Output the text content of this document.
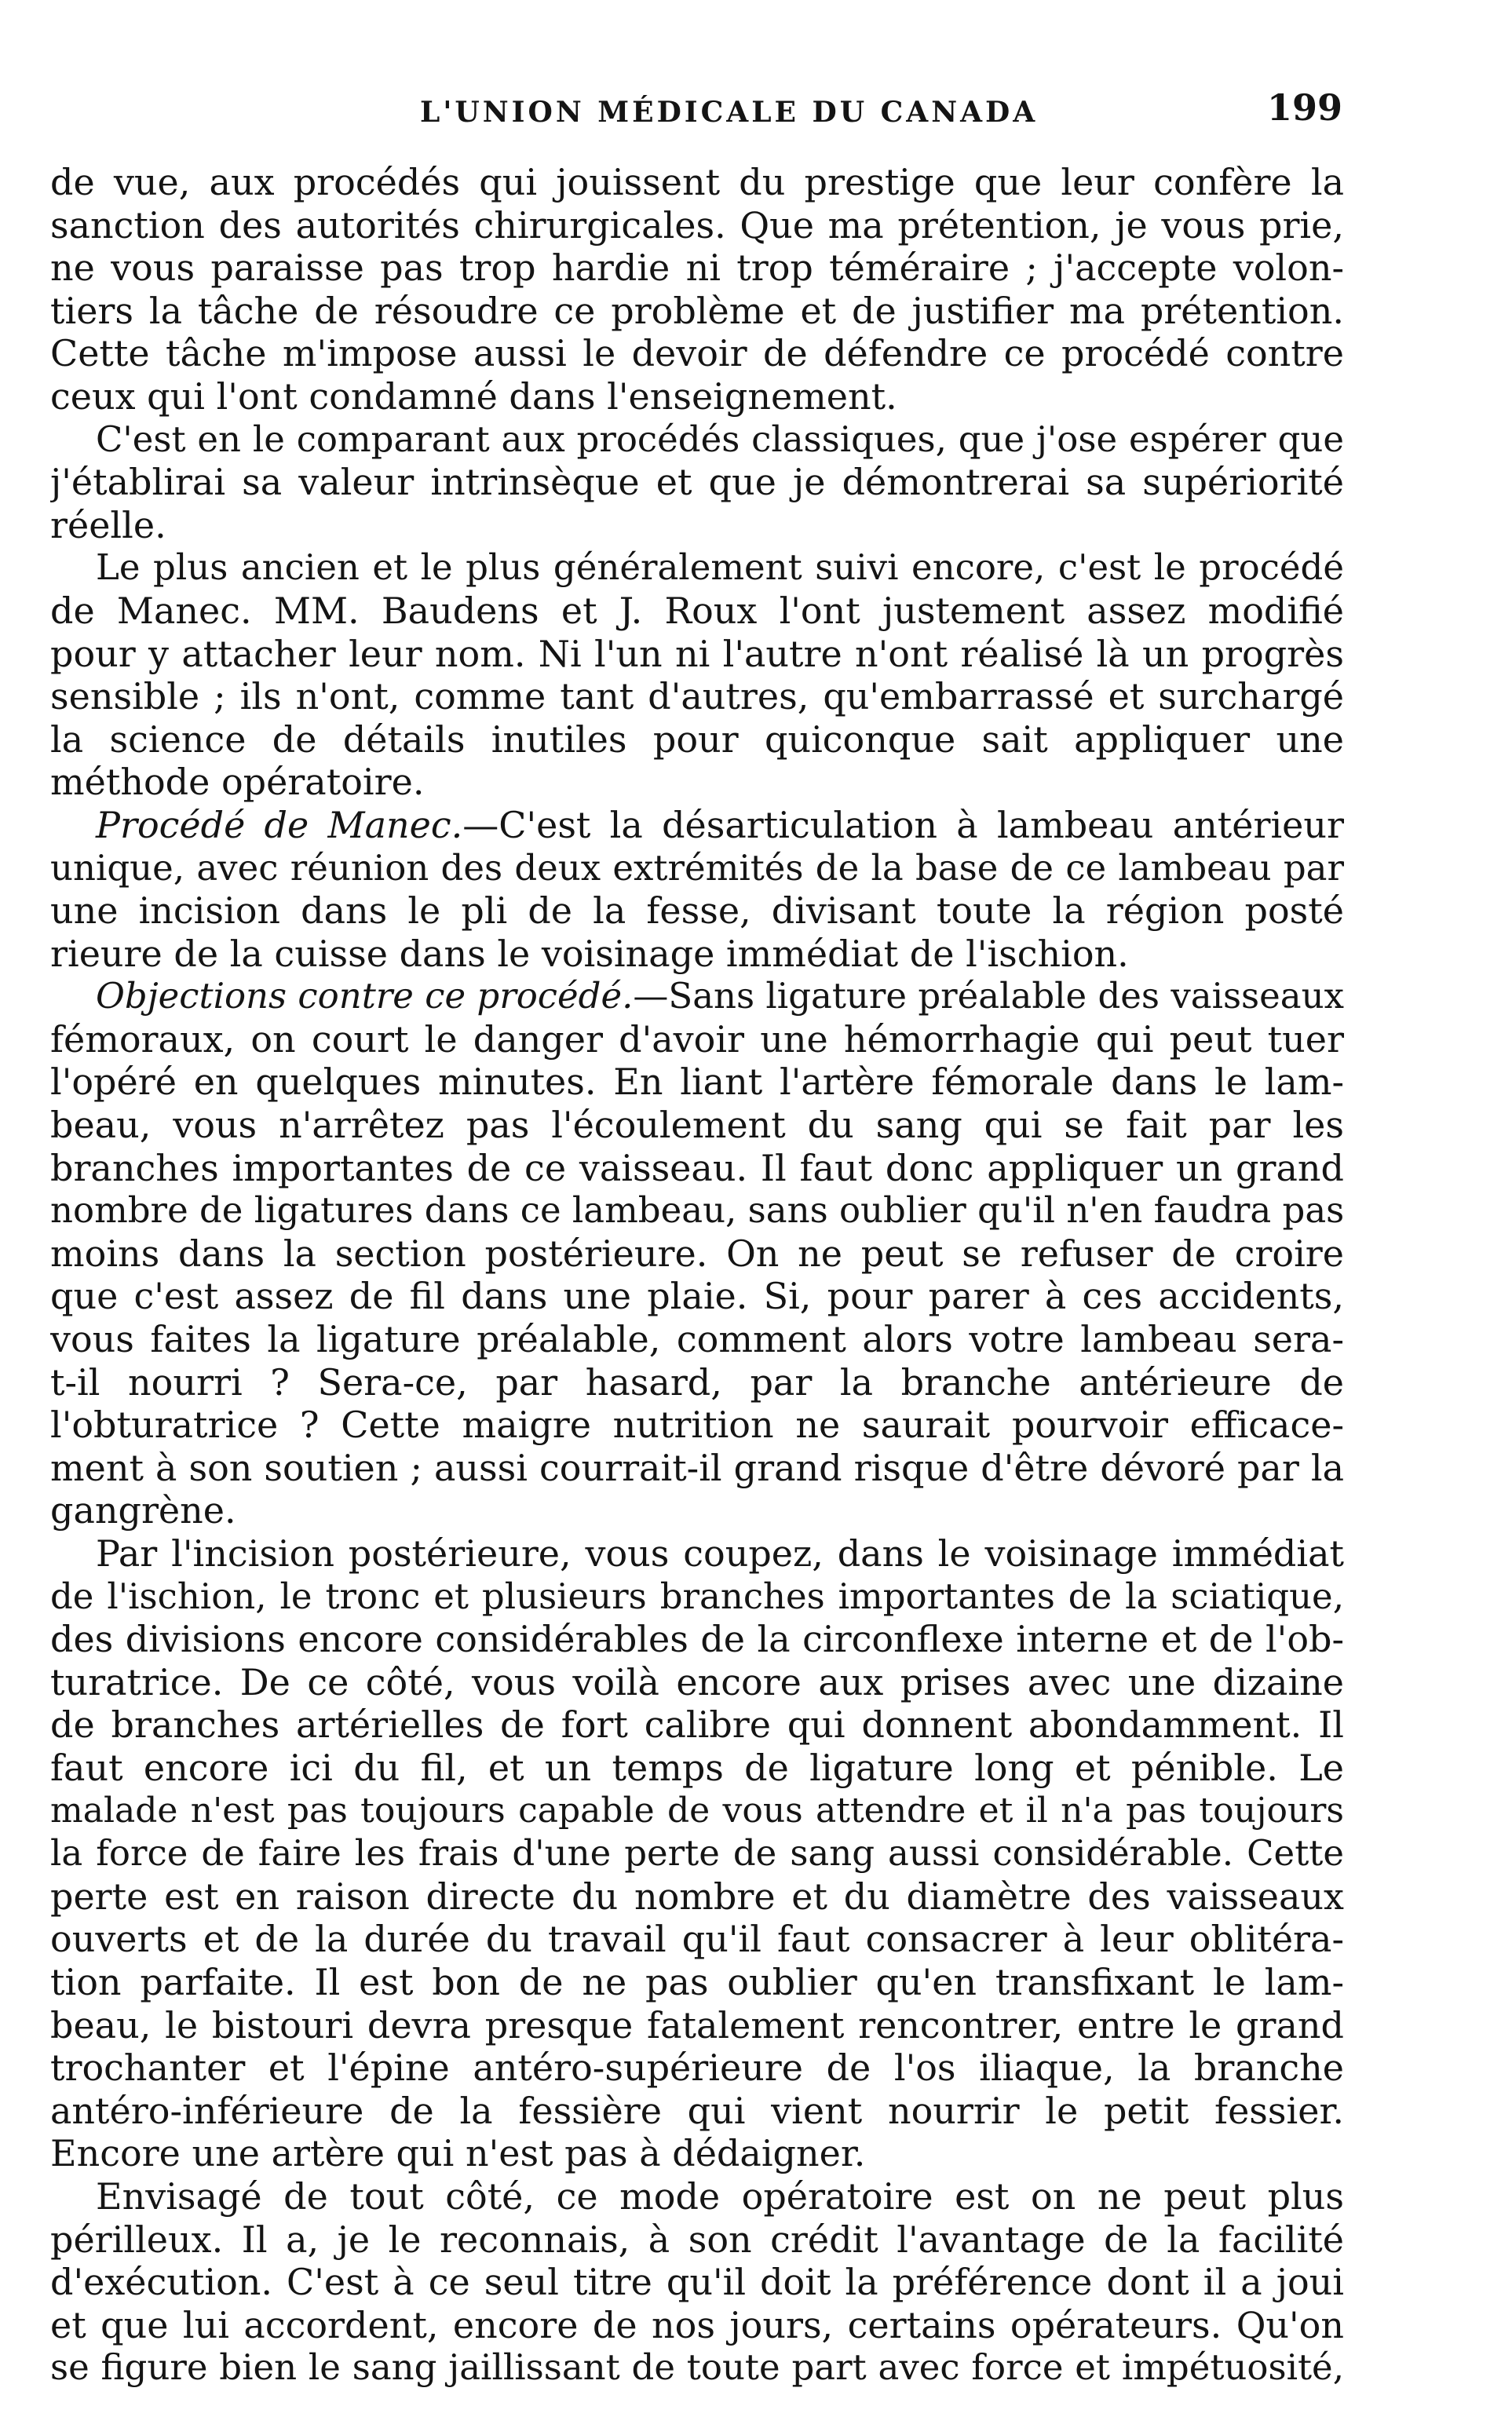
L'UNION MÉDICALE DU CANADA	199
de vue, aux procédés qui jouissent du prestige que leur confère la
sanction des autorités chirurgicales. Que ma prétention, je vous prie,
ne vous paraisse pas trop hardie ni trop téméraire ; j'accepte volon-
tiers la tâche de résoudre ce problème et de justifier ma prétention.
Cette tâche m'impose aussi le devoir de défendre ce procédé contre
ceux qui l'ont condamné dans l'enseignement.
C'est en le comparant aux procédés classiques, que j'ose espérer que
j'établirai sa valeur intrinsèque et que je démontrerai sa supériorité
réelle.
Le plus ancien et le plus généralement suivi encore, c'est le procédé
de Manec. MM. Baudens et J. Roux l'ont justement assez modifié
pour y attacher leur nom. Ni l'un ni l'autre n'ont réalisé là un progrès
sensible ; ils n'ont, comme tant d'autres, qu'embarrassé et surchargé
la science de détails inutiles pour quiconque sait appliquer une
méthode opératoire.
Procédé de Manec.—C'est la désarticulation à lambeau antérieur
unique, avec réunion des deux extrémités de la base de ce lambeau par
une incision dans le pli de la fesse, divisant toute la région posté
rieure de la cuisse dans le voisinage immédiat de l'ischion.
Objections contre ce procédé.—Sans ligature préalable des vaisseaux
fémoraux, on court le danger d'avoir une hémorrhagie qui peut tuer
l'opéré en quelques minutes. En liant l'artère fémorale dans le lam-
beau, vous n'arrêtez pas l'écoulement du sang qui se fait par les
branches importantes de ce vaisseau. Il faut donc appliquer un grand
nombre de ligatures dans ce lambeau, sans oublier qu'il n'en faudra pas
moins dans la section postérieure. On ne peut se refuser de croire
que c'est assez de fil dans une plaie. Si, pour parer à ces accidents,
vous faites la ligature préalable, comment alors votre lambeau sera-
t-il nourri ? Sera-ce, par hasard, par la branche antérieure de
l'obturatrice ? Cette maigre nutrition ne saurait pourvoir efficace-
ment à son soutien ; aussi courrait-il grand risque d'être dévoré par la
gangrène.
Par l'incision postérieure, vous coupez, dans le voisinage immédiat
de l'ischion, le tronc et plusieurs branches importantes de la sciatique,
des divisions encore considérables de la circonflexe interne et de l'ob-
turatrice. De ce côté, vous voilà encore aux prises avec une dizaine
de branches artérielles de fort calibre qui donnent abondamment. Il
faut encore ici du fil, et un temps de ligature long et pénible. Le
malade n'est pas toujours capable de vous attendre et il n'a pas toujours
la force de faire les frais d'une perte de sang aussi considérable. Cette
perte est en raison directe du nombre et du diamètre des vaisseaux
ouverts et de la durée du travail qu'il faut consacrer à leur oblitéra-
tion parfaite. Il est bon de ne pas oublier qu'en transfixant le lam-
beau, le bistouri devra presque fatalement rencontrer, entre le grand
trochanter et l'épine antéro-supérieure de l'os iliaque, la branche
antéro-inférieure de la fessière qui vient nourrir le petit fessier.
Encore une artère qui n'est pas à dédaigner.
Envisagé de tout côté, ce mode opératoire est on ne peut plus
périlleux. Il a, je le reconnais, à son crédit l'avantage de la facilité
d'exécution. C'est à ce seul titre qu'il doit la préférence dont il a joui
et que lui accordent, encore de nos jours, certains opérateurs. Qu'on
se figure bien le sang jaillissant de toute part avec force et impétuosité,
